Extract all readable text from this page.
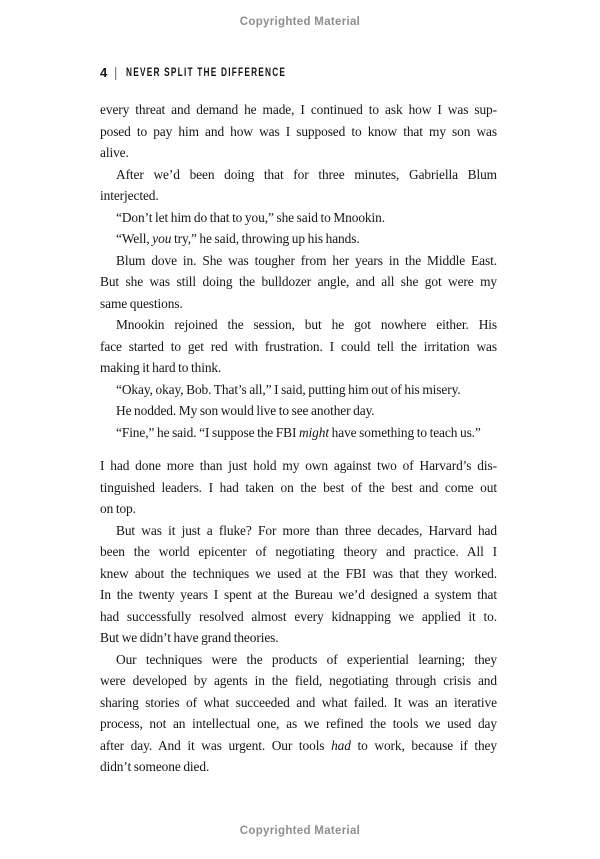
Copyrighted Material
4 | NEVER SPLIT THE DIFFERENCE
every threat and demand he made, I continued to ask how I was sup-
posed to pay him and how was I supposed to know that my son was
alive.
After we’d been doing that for three minutes, Gabriella Blum
interjected.
“Don’t let him do that to you,” she said to Mnookin.
“Well, you try,” he said, throwing up his hands.
Blum dove in. She was tougher from her years in the Middle East.
But she was still doing the bulldozer angle, and all she got were my
same questions.
Mnookin rejoined the session, but he got nowhere either. His
face started to get red with frustration. I could tell the irritation was
making it hard to think.
“Okay, okay, Bob. That’s all,” I said, putting him out of his misery.
He nodded. My son would live to see another day.
“Fine,” he said. “I suppose the FBI might have something to teach us.”
I had done more than just hold my own against two of Harvard’s dis-
tinguished leaders. I had taken on the best of the best and come out
on top.
But was it just a fluke? For more than three decades, Harvard had
been the world epicenter of negotiating theory and practice. All I
knew about the techniques we used at the FBI was that they worked.
In the twenty years I spent at the Bureau we’d designed a system that
had successfully resolved almost every kidnapping we applied it to.
But we didn’t have grand theories.
Our techniques were the products of experiential learning; they
were developed by agents in the field, negotiating through crisis and
sharing stories of what succeeded and what failed. It was an iterative
process, not an intellectual one, as we refined the tools we used day
after day. And it was urgent. Our tools had to work, because if they
didn’t someone died.
Copyrighted Material
